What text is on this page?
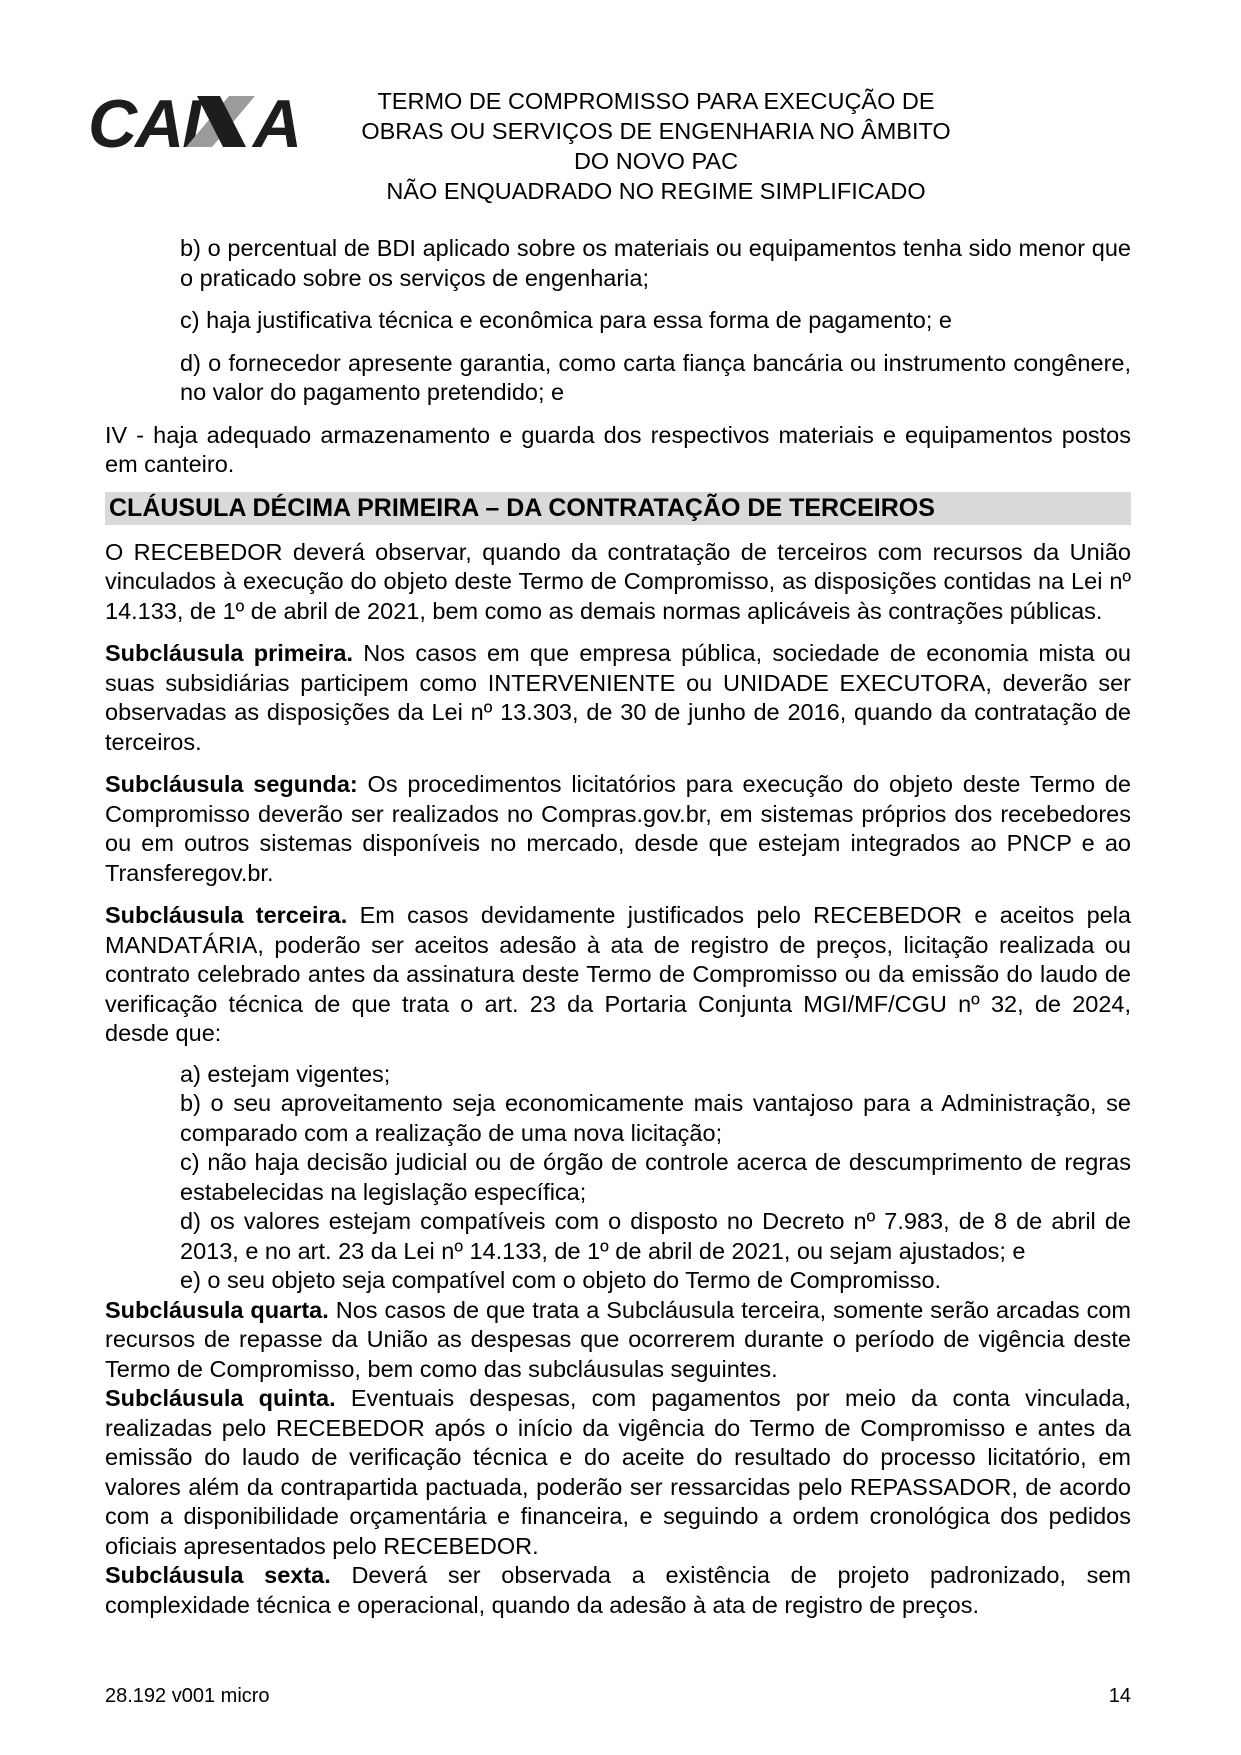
CAI A	TERMO DE COMPROMISSO PARA EXECUÇÃO DE
OBRAS OU SERVIÇOS DE ENGENHARIA NO ÂMBITO
DO NOVO PAC
NÃO ENQUADRADO NO REGIME SIMPLIFICADO

b) o percentual de BDI aplicado sobre os materiais ou equipamentos tenha sido menor que o praticado sobre os serviços de engenharia;

c) haja justificativa técnica e econômica para essa forma de pagamento; e

d) o fornecedor apresente garantia, como carta fiança bancária ou instrumento congênere, no valor do pagamento pretendido; e

IV - haja adequado armazenamento e guarda dos respectivos materiais e equipamentos postos em canteiro.

CLÁUSULA DÉCIMA PRIMEIRA – DA CONTRATAÇÃO DE TERCEIROS

O RECEBEDOR deverá observar, quando da contratação de terceiros com recursos da União vinculados à execução do objeto deste Termo de Compromisso, as disposições contidas na Lei nº 14.133, de 1º de abril de 2021, bem como as demais normas aplicáveis às contrações públicas.

Subcláusula primeira. Nos casos em que empresa pública, sociedade de economia mista ou suas subsidiárias participem como INTERVENIENTE ou UNIDADE EXECUTORA, deverão ser observadas as disposições da Lei nº 13.303, de 30 de junho de 2016, quando da contratação de terceiros.

Subcláusula segunda: Os procedimentos licitatórios para execução do objeto deste Termo de Compromisso deverão ser realizados no Compras.gov.br, em sistemas próprios dos recebedores ou em outros sistemas disponíveis no mercado, desde que estejam integrados ao PNCP e ao Transferegov.br.

Subcláusula terceira. Em casos devidamente justificados pelo RECEBEDOR e aceitos pela MANDATÁRIA, poderão ser aceitos adesão à ata de registro de preços, licitação realizada ou contrato celebrado antes da assinatura deste Termo de Compromisso ou da emissão do laudo de verificação técnica de que trata o art. 23 da Portaria Conjunta MGI/MF/CGU nº 32, de 2024, desde que:

a) estejam vigentes;

b) o seu aproveitamento seja economicamente mais vantajoso para a Administração, se comparado com a realização de uma nova licitação;

c) não haja decisão judicial ou de órgão de controle acerca de descumprimento de regras estabelecidas na legislação específica;

d) os valores estejam compatíveis com o disposto no Decreto nº 7.983, de 8 de abril de 2013, e no art. 23 da Lei nº 14.133, de 1º de abril de 2021, ou sejam ajustados; e

e) o seu objeto seja compatível com o objeto do Termo de Compromisso.

Subcláusula quarta. Nos casos de que trata a Subcláusula terceira, somente serão arcadas com recursos de repasse da União as despesas que ocorrerem durante o período de vigência deste Termo de Compromisso, bem como das subcláusulas seguintes.

Subcláusula quinta. Eventuais despesas, com pagamentos por meio da conta vinculada, realizadas pelo RECEBEDOR após o início da vigência do Termo de Compromisso e antes da emissão do laudo de verificação técnica e do aceite do resultado do processo licitatório, em valores além da contrapartida pactuada, poderão ser ressarcidas pelo REPASSADOR, de acordo com a disponibilidade orçamentária e financeira, e seguindo a ordem cronológica dos pedidos oficiais apresentados pelo RECEBEDOR.

Subcláusula sexta. Deverá ser observada a existência de projeto padronizado, sem complexidade técnica e operacional, quando da adesão à ata de registro de preços.

28.192 v001 micro	14
